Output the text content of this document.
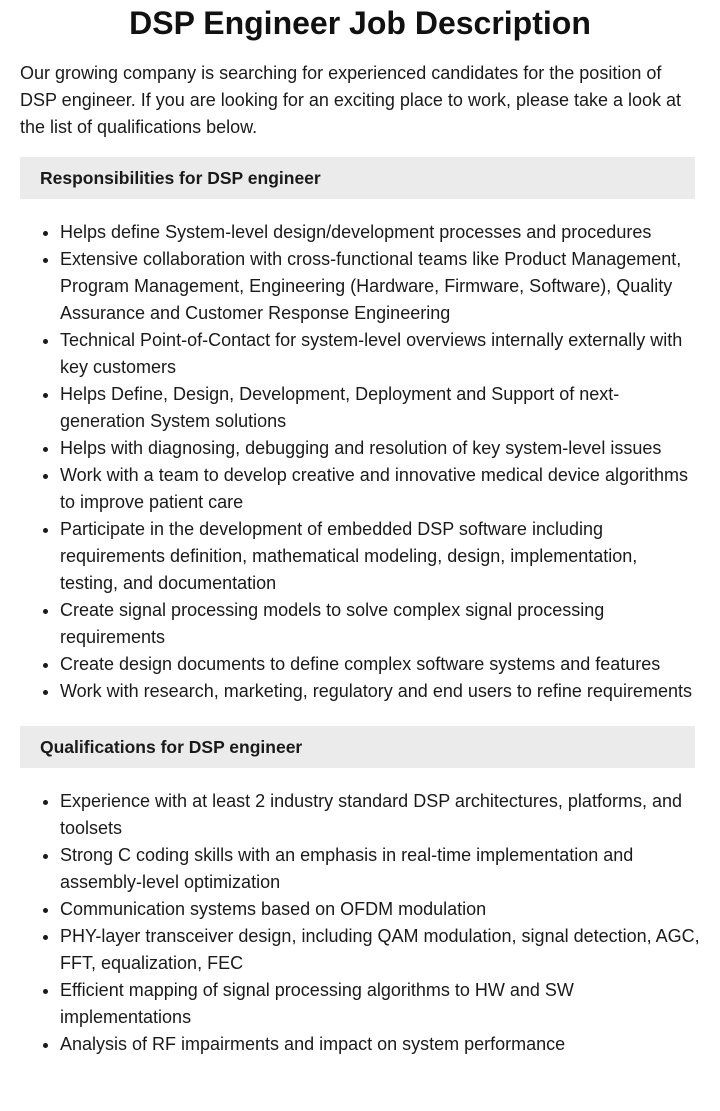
DSP Engineer Job Description

Our growing company is searching for experienced candidates for the position of DSP engineer. If you are looking for an exciting place to work, please take a look at the list of qualifications below.

Responsibilities for DSP engineer
• Helps define System-level design/development processes and procedures
• Extensive collaboration with cross-functional teams like Product Management, Program Management, Engineering (Hardware, Firmware, Software), Quality Assurance and Customer Response Engineering
• Technical Point-of-Contact for system-level overviews internally externally with key customers
• Helps Define, Design, Development, Deployment and Support of next-generation System solutions
• Helps with diagnosing, debugging and resolution of key system-level issues
• Work with a team to develop creative and innovative medical device algorithms to improve patient care
• Participate in the development of embedded DSP software including requirements definition, mathematical modeling, design, implementation, testing, and documentation
• Create signal processing models to solve complex signal processing requirements
• Create design documents to define complex software systems and features
• Work with research, marketing, regulatory and end users to refine requirements
Qualifications for DSP engineer
• Experience with at least 2 industry standard DSP architectures, platforms, and toolsets
• Strong C coding skills with an emphasis in real-time implementation and assembly-level optimization
• Communication systems based on OFDM modulation
• PHY-layer transceiver design, including QAM modulation, signal detection, AGC, FFT, equalization, FEC
• Efficient mapping of signal processing algorithms to HW and SW implementations
• Analysis of RF impairments and impact on system performance
